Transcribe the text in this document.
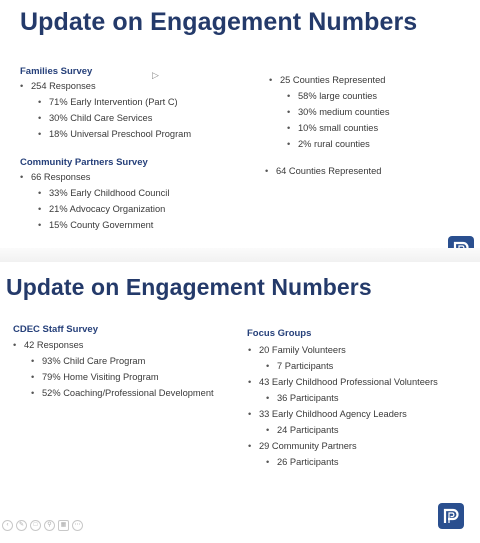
Update on Engagement Numbers
Families Survey
• 254 Responses
• 71% Early Intervention (Part C)
• 30% Child Care Services
• 18% Universal Preschool Program
Community Partners Survey
• 66 Responses
• 33% Early Childhood Council
• 21% Advocacy Organization
• 15% County Government
• 25 Counties Represented
• 58% large counties
• 30% medium counties
• 10% small counties
• 2% rural counties
• 64 Counties Represented
▷
Update on Engagement Numbers
CDEC Staff Survey
• 42 Responses
• 93% Child Care Program
• 79% Home Visiting Program
• 52% Coaching/Professional Development
Focus Groups
• 20 Family Volunteers
• 7 Participants
• 43 Early Childhood Professional Volunteers
• 36 Participants
• 33 Early Childhood Agency Leaders
• 24 Participants
• 29 Community Partners
• 26 Participants
‹	✎	□	⚲	▦	⋯
